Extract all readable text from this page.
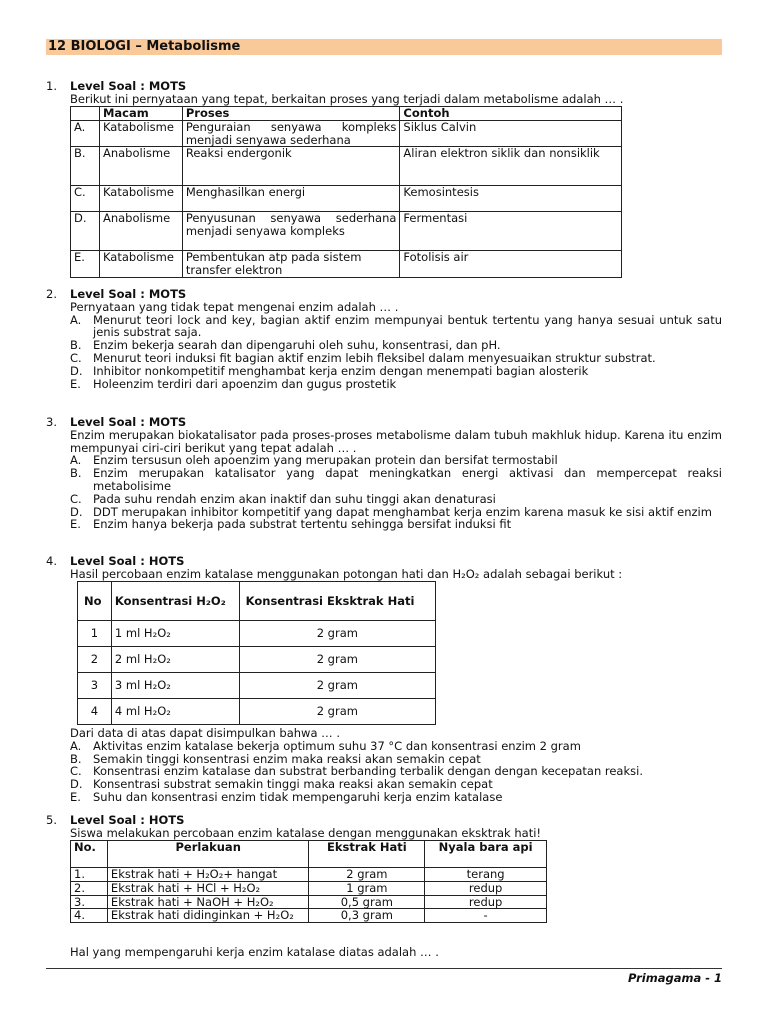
12 BIOLOGI – Metabolisme
1.	Level Soal : MOTS
Berikut ini pernyataan yang tepat, berkaitan proses yang terjadi dalam metabolisme adalah … .
	Macam	Proses	Contoh
A.	Katabolisme	Penguraian senyawa kompleks menjadi senyawa sederhana	Siklus Calvin
B.	Anabolisme	Reaksi endergonik	Aliran elektron siklik dan nonsiklik
C.	Katabolisme	Menghasilkan energi	Kemosintesis
D.	Anabolisme	Penyusunan senyawa sederhana menjadi senyawa kompleks	Fermentasi
E.	Katabolisme	Pembentukan atp pada sistem transfer elektron	Fotolisis air
2.	Level Soal : MOTS
Pernyataan yang tidak tepat mengenai enzim adalah … .
A. Menurut teori lock and key, bagian aktif enzim mempunyai bentuk tertentu yang hanya sesuai untuk satu jenis substrat saja.
B. Enzim bekerja searah dan dipengaruhi oleh suhu, konsentrasi, dan pH.
C. Menurut teori induksi fit bagian aktif enzim lebih fleksibel dalam menyesuaikan struktur substrat.
D. Inhibitor nonkompetitif menghambat kerja enzim dengan menempati bagian alosterik
E. Holeenzim terdiri dari apoenzim dan gugus prostetik
3.	Level Soal : MOTS
Enzim merupakan biokatalisator pada proses-proses metabolisme dalam tubuh makhluk hidup. Karena itu enzim mempunyai ciri-ciri berikut yang tepat adalah … .
A. Enzim tersusun oleh apoenzim yang merupakan protein dan bersifat termostabil
B. Enzim merupakan katalisator yang dapat meningkatkan energi aktivasi dan mempercepat reaksi metabolisime
C. Pada suhu rendah enzim akan inaktif dan suhu tinggi akan denaturasi
D. DDT merupakan inhibitor kompetitif yang dapat menghambat kerja enzim karena masuk ke sisi aktif enzim
E. Enzim hanya bekerja pada substrat tertentu sehingga bersifat induksi fit
4.	Level Soal : HOTS
Hasil percobaan enzim katalase menggunakan potongan hati dan H₂O₂ adalah sebagai berikut :
No	Konsentrasi H₂O₂	Konsentrasi Eksktrak Hati
1	1 ml H₂O₂	2 gram
2	2 ml H₂O₂	2 gram
3	3 ml H₂O₂	2 gram
4	4 ml H₂O₂	2 gram
Dari data di atas dapat disimpulkan bahwa … .
A. Aktivitas enzim katalase bekerja optimum suhu 37 °C dan konsentrasi enzim 2 gram
B. Semakin tinggi konsentrasi enzim maka reaksi akan semakin cepat
C. Konsentrasi enzim katalase dan substrat berbanding terbalik dengan dengan kecepatan reaksi.
D. Konsentrasi substrat semakin tinggi maka reaksi akan semakin cepat
E. Suhu dan konsentrasi enzim tidak mempengaruhi kerja enzim katalase
5.	Level Soal : HOTS
Siswa melakukan percobaan enzim katalase dengan menggunakan eksktrak hati!
No.	Perlakuan	Ekstrak Hati	Nyala bara api
1.	Ekstrak hati + H₂O₂+ hangat	2 gram	terang
2.	Ekstrak hati + HCl + H₂O₂	1 gram	redup
3.	Ekstrak hati + NaOH + H₂O₂	0,5 gram	redup
4.	Ekstrak hati didinginkan + H₂O₂	0,3 gram	-
Hal yang mempengaruhi kerja enzim katalase diatas adalah … .
Primagama - 1
